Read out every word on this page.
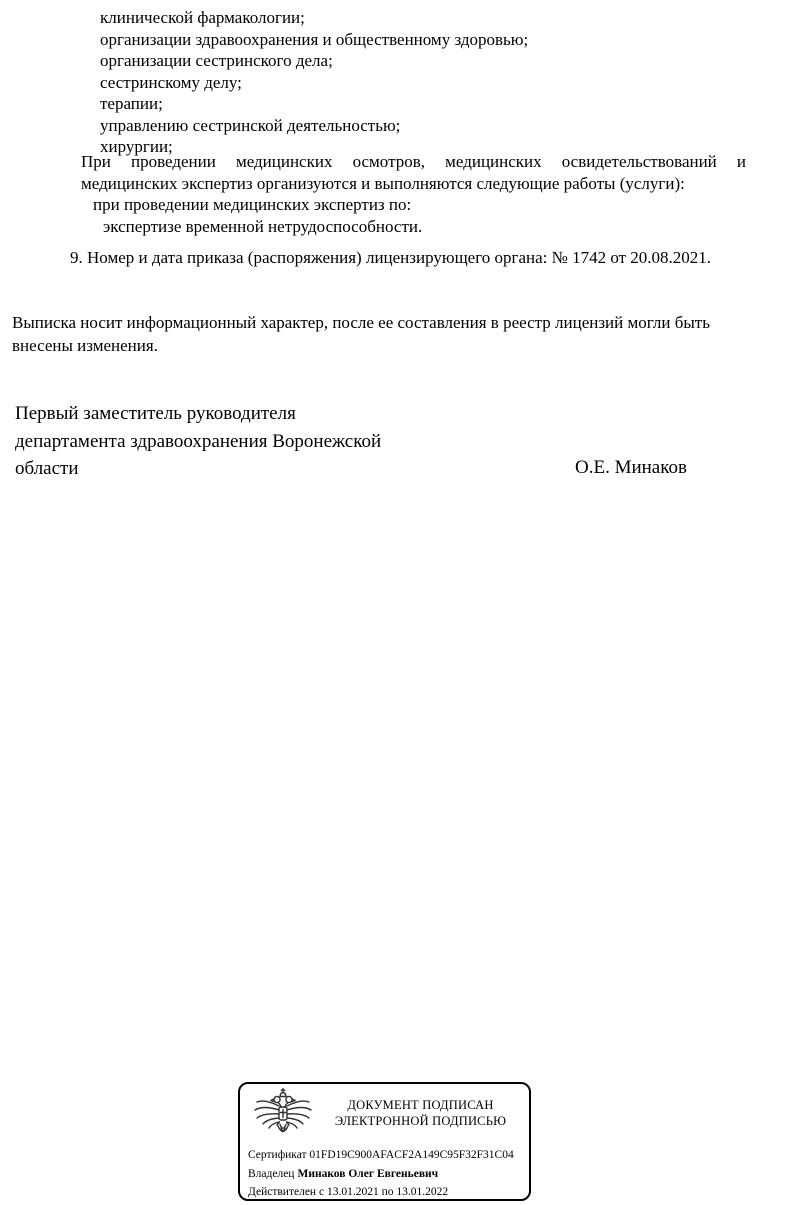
клинической фармакологии;
организации здравоохранения и общественному здоровью;
организации сестринского дела;
сестринскому делу;
терапии;
управлению сестринской деятельностью;
хирургии;
При проведении медицинских осмотров, медицинских освидетельствований и
медицинских экспертиз организуются и выполняются следующие работы (услуги):
при проведении медицинских экспертиз по:
экспертизе временной нетрудоспособности.
9. Номер и дата приказа (распоряжения) лицензирующего органа: № 1742 от 20.08.2021.
Выписка носит информационный характер, после ее составления в реестр лицензий могли быть
внесены изменения.
Первый заместитель руководителя
департамента здравоохранения Воронежской
области	О.Е. Минаков
ДОКУМЕНТ ПОДПИСАН
ЭЛЕКТРОННОЙ ПОДПИСЬЮ
Сертификат 01FD19C900AFACF2A149C95F32F31C04
Владелец Минаков Олег Евгеньевич
Действителен с 13.01.2021 по 13.01.2022
